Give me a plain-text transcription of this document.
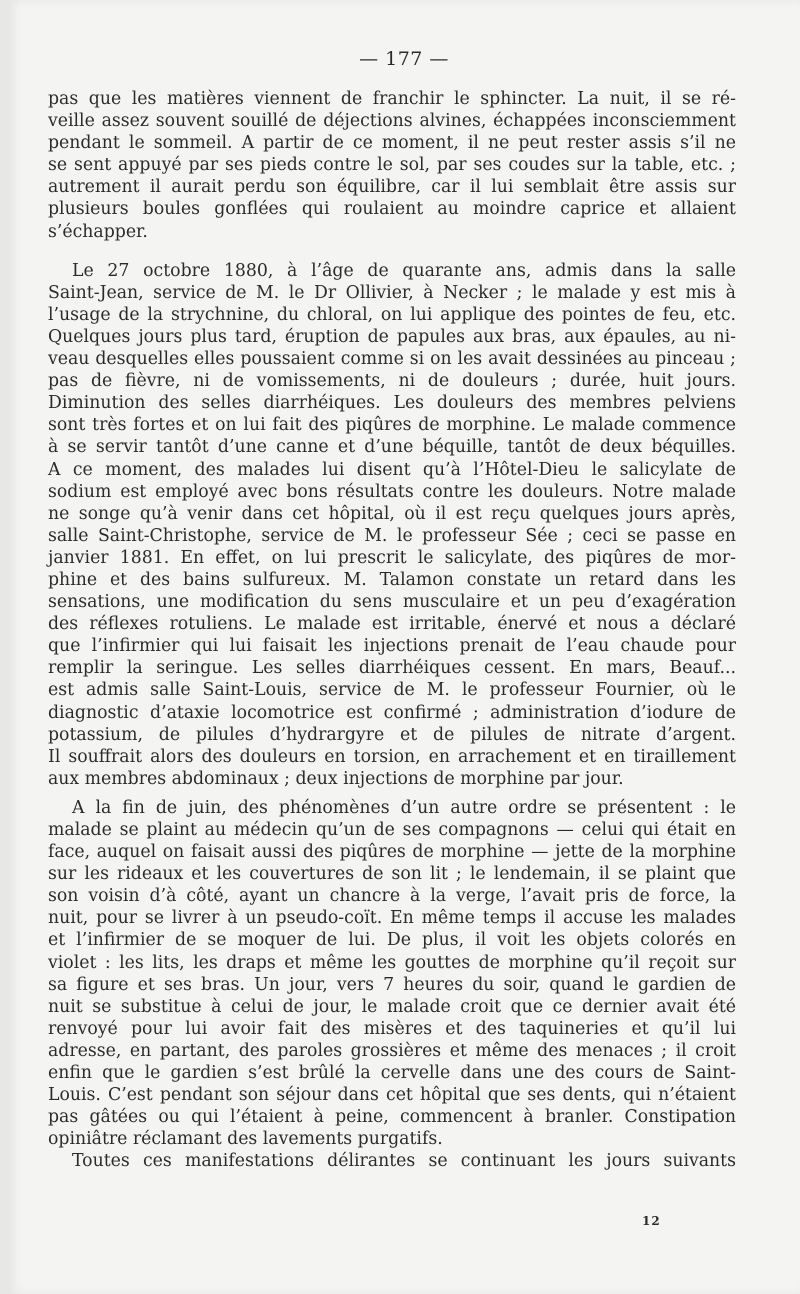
— 177 —
pas que les matières viennent de franchir le sphincter. La nuit, il se ré-
veille assez souvent souillé de déjections alvines, échappées inconsciemment
pendant le sommeil. A partir de ce moment, il ne peut rester assis s’il ne
se sent appuyé par ses pieds contre le sol, par ses coudes sur la table, etc. ;
autrement il aurait perdu son équilibre, car il lui semblait être assis sur
plusieurs boules gonflées qui roulaient au moindre caprice et allaient
s’échapper.
Le 27 octobre 1880, à l’âge de quarante ans, admis dans la salle
Saint-Jean, service de M. le Dr Ollivier, à Necker ; le malade y est mis à
l’usage de la strychnine, du chloral, on lui applique des pointes de feu, etc.
Quelques jours plus tard, éruption de papules aux bras, aux épaules, au ni-
veau desquelles elles poussaient comme si on les avait dessinées au pinceau ;
pas de fièvre, ni de vomissements, ni de douleurs ; durée, huit jours.
Diminution des selles diarrhéiques. Les douleurs des membres pelviens
sont très fortes et on lui fait des piqûres de morphine. Le malade commence
à se servir tantôt d’une canne et d’une béquille, tantôt de deux béquilles.
A ce moment, des malades lui disent qu’à l’Hôtel-Dieu le salicylate de
sodium est employé avec bons résultats contre les douleurs. Notre malade
ne songe qu’à venir dans cet hôpital, où il est reçu quelques jours après,
salle Saint-Christophe, service de M. le professeur Sée ; ceci se passe en
janvier 1881. En effet, on lui prescrit le salicylate, des piqûres de mor-
phine et des bains sulfureux. M. Talamon constate un retard dans les
sensations, une modification du sens musculaire et un peu d’exagération
des réflexes rotuliens. Le malade est irritable, énervé et nous a déclaré
que l’infirmier qui lui faisait les injections prenait de l’eau chaude pour
remplir la seringue. Les selles diarrhéiques cessent. En mars, Beauf...
est admis salle Saint-Louis, service de M. le professeur Fournier, où le
diagnostic d’ataxie locomotrice est confirmé ; administration d’iodure de
potassium, de pilules d’hydrargyre et de pilules de nitrate d’argent.
Il souffrait alors des douleurs en torsion, en arrachement et en tiraillement
aux membres abdominaux ; deux injections de morphine par jour.
A la fin de juin, des phénomènes d’un autre ordre se présentent : le
malade se plaint au médecin qu’un de ses compagnons — celui qui était en
face, auquel on faisait aussi des piqûres de morphine — jette de la morphine
sur les rideaux et les couvertures de son lit ; le lendemain, il se plaint que
son voisin d’à côté, ayant un chancre à la verge, l’avait pris de force, la
nuit, pour se livrer à un pseudo-coït. En même temps il accuse les malades
et l’infirmier de se moquer de lui. De plus, il voit les objets colorés en
violet : les lits, les draps et même les gouttes de morphine qu’il reçoit sur
sa figure et ses bras. Un jour, vers 7 heures du soir, quand le gardien de
nuit se substitue à celui de jour, le malade croit que ce dernier avait été
renvoyé pour lui avoir fait des misères et des taquineries et qu’il lui
adresse, en partant, des paroles grossières et même des menaces ; il croit
enfin que le gardien s’est brûlé la cervelle dans une des cours de Saint-
Louis. C’est pendant son séjour dans cet hôpital que ses dents, qui n’étaient
pas gâtées ou qui l’étaient à peine, commencent à branler. Constipation
opiniâtre réclamant des lavements purgatifs.
Toutes ces manifestations délirantes se continuant les jours suivants
12
